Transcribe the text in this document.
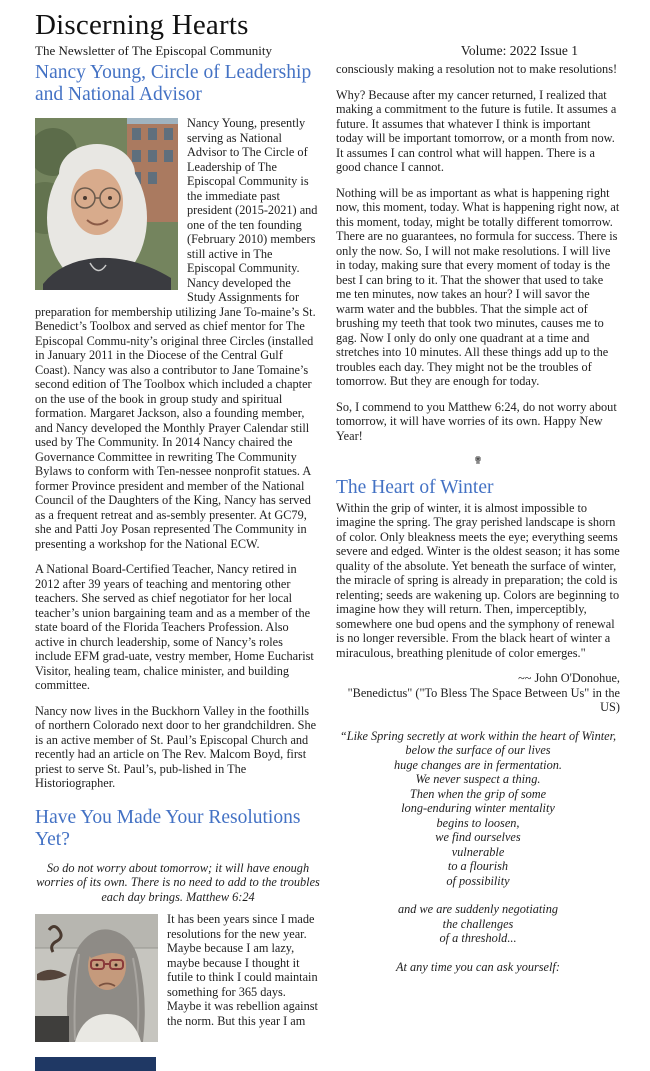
Discerning Hearts
The Newsletter of The Episcopal Community	Volume: 2022 Issue 1
Nancy Young, Circle of Leadership and National Advisor
Nancy Young, presently serving as National Advisor to The Circle of Leadership of The Episcopal Community is the immediate past president (2015-2021) and one of the ten founding (February 2010) members still active in The Episcopal Community. Nancy developed the Study Assignments for preparation for membership utilizing Jane To-maine’s St. Benedict’s Toolbox and served as chief mentor for The Episcopal Commu-nity’s original three Circles (installed in January 2011 in the Diocese of the Central Gulf Coast). Nancy was also a contributor to Jane Tomaine’s second edition of The Toolbox which included a chapter on the use of the book in group study and spiritual formation. Margaret Jackson, also a founding member, and Nancy developed the Monthly Prayer Calendar still used by The Community. In 2014 Nancy chaired the Governance Committee in rewriting The Community Bylaws to conform with Ten-nessee nonprofit statues. A former Province president and member of the National Council of the Daughters of the King, Nancy has served as a frequent retreat and as-sembly presenter. At GC79, she and Patti Joy Posan represented The Community in presenting a workshop for the National ECW.

A National Board-Certified Teacher, Nancy retired in 2012 after 39 years of teaching and mentoring other teachers. She served as chief negotiator for her local teacher’s union bargaining team and as a member of the state board of the Florida Teachers Profession. Also active in church leadership, some of Nancy’s roles include EFM grad-uate, vestry member, Home Eucharist Visitor, healing team, chalice minister, and building committee.

Nancy now lives in the Buckhorn Valley in the foothills of northern Colorado next door to her grandchildren. She is an active member of St. Paul’s Episcopal Church and recently had an article on The Rev. Malcom Boyd, first priest to serve St. Paul’s, pub-lished in The Historiographer.

Have You Made Your Resolutions Yet?

So do not worry about tomorrow; it will have enough worries of its own. There is no need to add to the troubles each day brings. Matthew 6:24

It has been years since I made resolutions for the new year. Maybe because I am lazy, maybe because I thought it futile to think I could maintain something for 365 days. Maybe it was rebellion against the norm. But this year I am

consciously making a resolution not to make resolutions!

Why? Because after my cancer returned, I realized that making a commitment to the future is futile. It assumes a future. It assumes that whatever I think is important today will be important tomorrow, or a month from now. It assumes I can control what will happen. There is a good chance I cannot.

Nothing will be as important as what is happening right now, this moment, today. What is happening right now, at this moment, today, might be totally different tomorrow. There are no guarantees, no formula for success. There is only the now. So, I will not make resolutions. I will live in today, making sure that every moment of today is the best I can bring to it. That the shower that used to take me ten minutes, now takes an hour? I will savor the warm water and the bubbles. That the simple act of brushing my teeth that took two minutes, causes me to gag. Now I only do only one quadrant at a time and stretches into 10 minutes. All these things add up to the troubles each day. They might not be the troubles of tomorrow. But they are enough for today.

So, I commend to you Matthew 6:24, do not worry about tomorrow, it will have worries of its own. Happy New Year!

✟
The Heart of Winter

Within the grip of winter, it is almost impossible to imagine the spring. The gray perished landscape is shorn of color. Only bleakness meets the eye; everything seems severe and edged. Winter is the oldest season; it has some quality of the absolute. Yet beneath the surface of winter, the miracle of spring is already in preparation; the cold is relenting; seeds are wakening up. Colors are beginning to imagine how they will return. Then, imperceptibly, somewhere one bud opens and the symphony of renewal is no longer reversible. From the black heart of winter a miraculous, breathing plenitude of color emerges."

~~ John O'Donohue,
"Benedictus" ("To Bless The Space Between Us" in the US)
“Like Spring secretly at work within the heart of Winter,
below the surface of our lives
huge changes are in fermentation.
We never suspect a thing.
Then when the grip of some
long-enduring winter mentality
begins to loosen,
we find ourselves
vulnerable
to a flourish
of possibility
and we are suddenly negotiating
the challenges
of a threshold...
At any time you can ask yourself:
